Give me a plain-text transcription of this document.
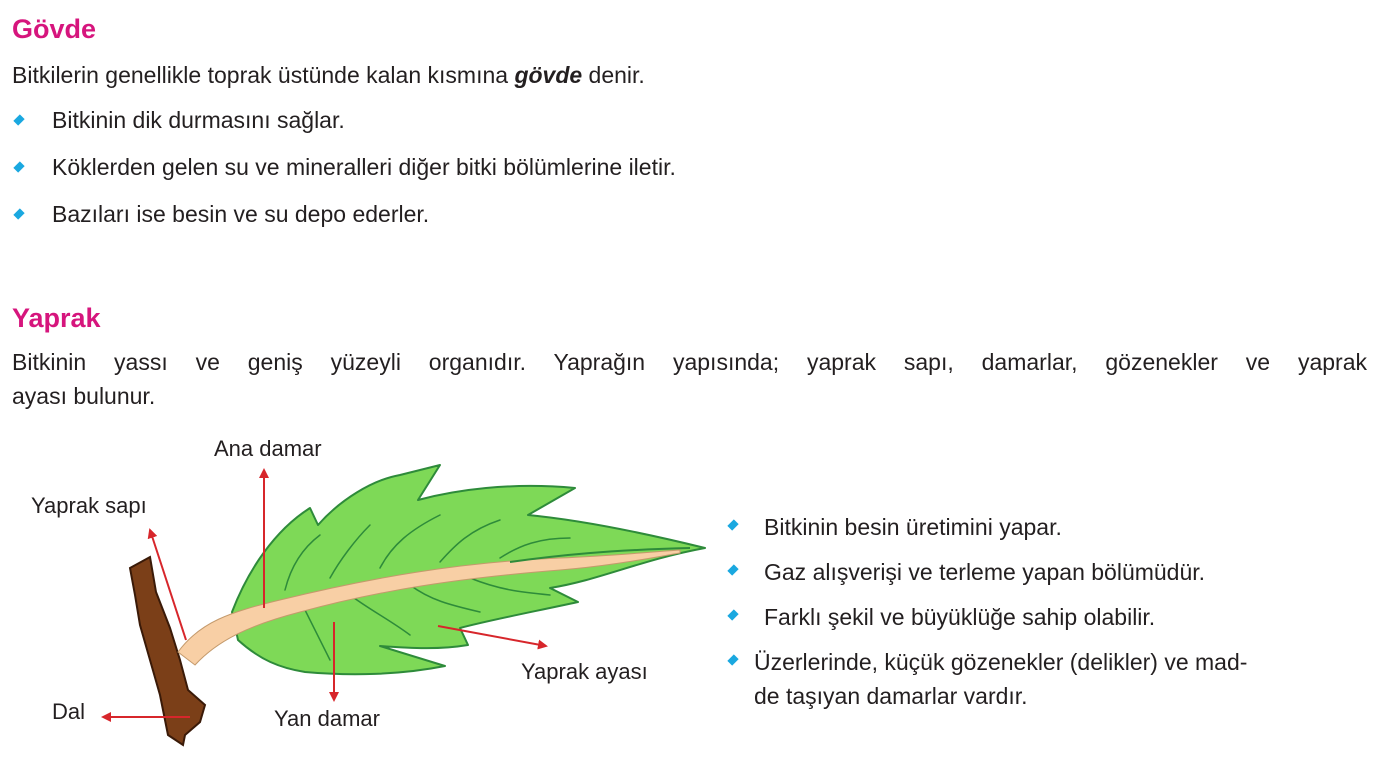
Gövde

Bitkilerin genellikle toprak üstünde kalan kısmına gövde denir.

Bitkinin dik durmasını sağlar.
Köklerden gelen su ve mineralleri diğer bitki bölümlerine iletir.
Bazıları ise besin ve su depo ederler.
Yaprak

Bitkinin yassı ve geniş yüzeyli organıdır. Yaprağın yapısında; yaprak sapı, damarlar, gözenekler ve yaprak

ayası bulunur.

Ana damar
Yaprak sapı
Yaprak ayası
Dal	Yan damar
Bitkinin besin üretimini yapar.
Gaz alışverişi ve terleme yapan bölümüdür.
Farklı şekil ve büyüklüğe sahip olabilir.
Üzerlerinde, küçük gözenekler (delikler) ve mad-
de taşıyan damarlar vardır.
